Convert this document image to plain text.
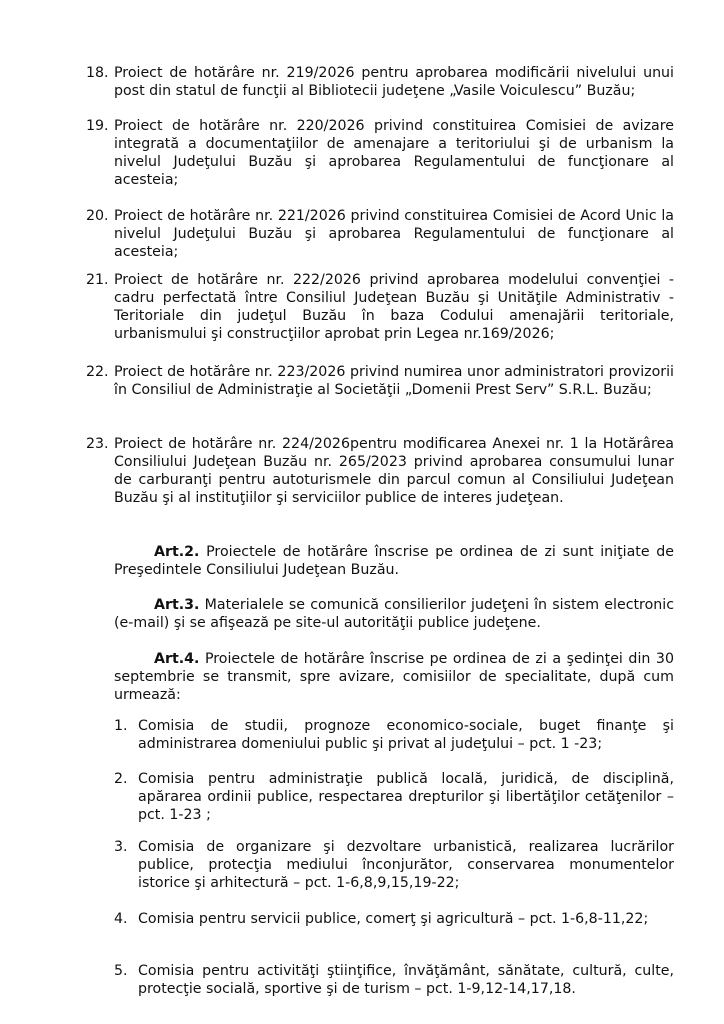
18. Proiect de hotărâre nr. 219/2026 pentru aprobarea modificării nivelului unui post din statul de funcţii al Bibliotecii judeţene „Vasile Voiculescu” Buzău;
19. Proiect de hotărâre nr. 220/2026 privind constituirea Comisiei de avizare integrată a documentaţiilor de amenajare a teritoriului şi de urbanism la nivelul Judeţului Buzău şi aprobarea Regulamentului de funcţionare al acesteia;
20. Proiect de hotărâre nr. 221/2026 privind constituirea Comisiei de Acord Unic la nivelul Judeţului Buzău şi aprobarea Regulamentului de funcţionare al acesteia;
21. Proiect de hotărâre nr. 222/2026 privind aprobarea modelului convenţiei - cadru perfectată între Consiliul Judeţean Buzău şi Unităţile Administrativ - Teritoriale din judeţul Buzău în baza Codului amenajării teritoriale, urbanismului şi construcţiilor aprobat prin Legea nr.169/2026;
22. Proiect de hotărâre nr. 223/2026 privind numirea unor administratori provizorii în Consiliul de Administraţie al Societăţii „Domenii Prest Serv” S.R.L. Buzău;
23. Proiect de hotărâre nr. 224/2026pentru modificarea Anexei nr. 1 la Hotărârea Consiliului Judeţean Buzău nr. 265/2023 privind aprobarea consumului lunar de carburanţi pentru autoturismele din parcul comun al Consiliului Judeţean Buzău şi al instituţiilor şi serviciilor publice de interes judeţean.
Art.2. Proiectele de hotărâre înscrise pe ordinea de zi sunt iniţiate de Preşedintele Consiliului Judeţean Buzău.
Art.3. Materialele se comunică consilierilor judeţeni în sistem electronic (e-mail) şi se afişează pe site-ul autorităţii publice judeţene.
Art.4. Proiectele de hotărâre înscrise pe ordinea de zi a şedinţei din 30 septembrie se transmit, spre avizare, comisiilor de specialitate, după cum urmează:
1. Comisia de studii, prognoze economico-sociale, buget finanţe şi administrarea domeniului public şi privat al judeţului – pct. 1 -23;
2. Comisia pentru administraţie publică locală, juridică, de disciplină, apărarea ordinii publice, respectarea drepturilor şi libertăţilor cetăţenilor – pct. 1-23 ;
3. Comisia de organizare şi dezvoltare urbanistică, realizarea lucrărilor publice, protecţia mediului înconjurător, conservarea monumentelor istorice şi arhitectură – pct. 1-6,8,9,15,19-22;
4. Comisia pentru servicii publice, comerţ şi agricultură – pct. 1-6,8-11,22;
5. Comisia pentru activităţi ştiinţifice, învăţământ, sănătate, cultură, culte, protecţie socială, sportive şi de turism – pct. 1-9,12-14,17,18.
